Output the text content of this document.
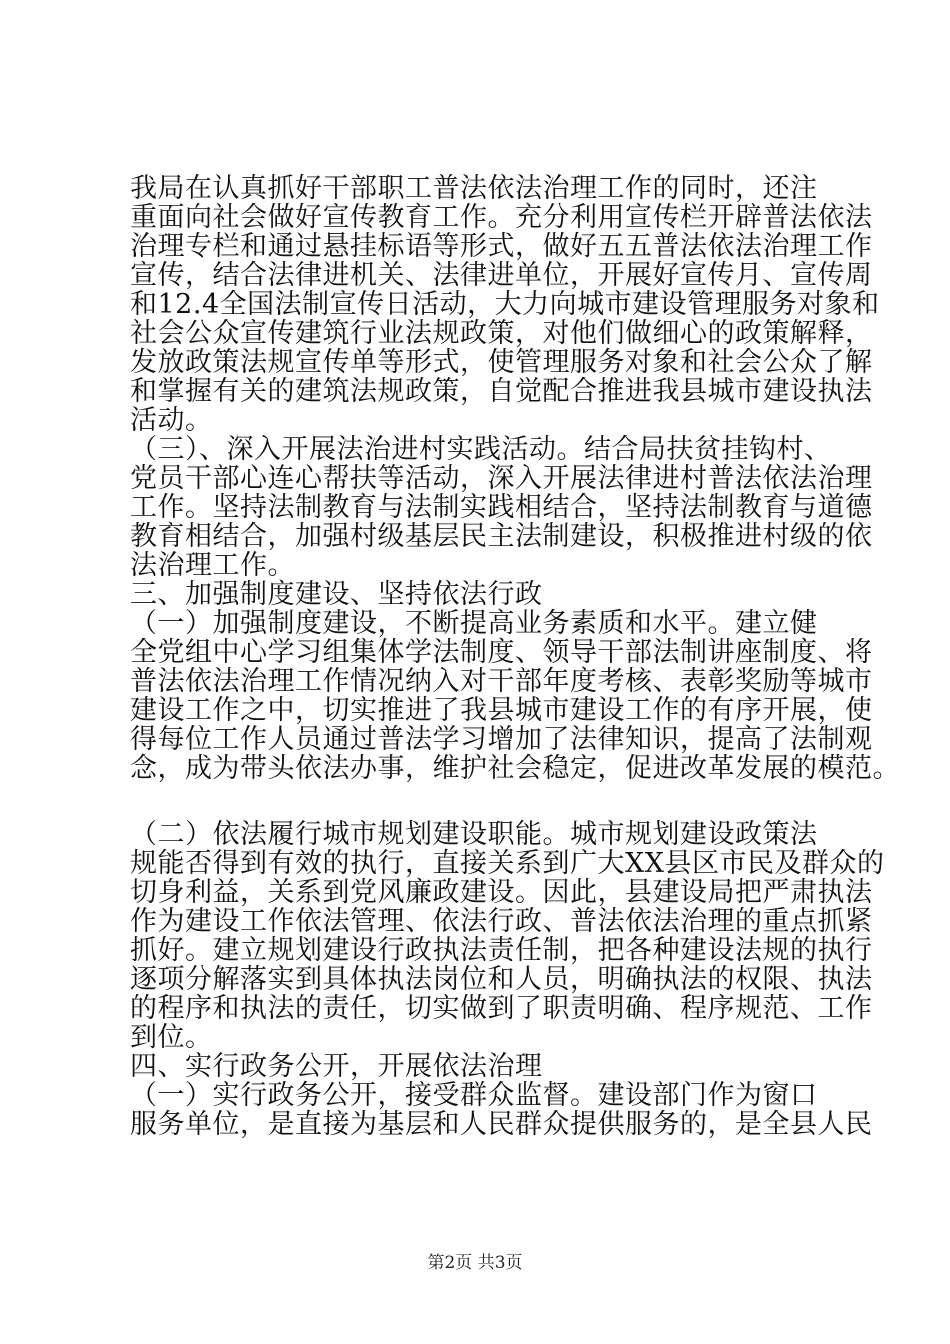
我局在认真抓好干部职工普法依法治理工作的同时，还注
重面向社会做好宣传教育工作。充分利用宣传栏开辟普法依法
治理专栏和通过悬挂标语等形式，做好五五普法依法治理工作
宣传，结合法律进机关、法律进单位，开展好宣传月、宣传周
和12.4全国法制宣传日活动，大力向城市建设管理服务对象和
社会公众宣传建筑行业法规政策，对他们做细心的政策解释，
发放政策法规宣传单等形式，使管理服务对象和社会公众了解
和掌握有关的建筑法规政策，自觉配合推进我县城市建设执法
活动。
（三）、深入开展法治进村实践活动。结合局扶贫挂钩村、
党员干部心连心帮扶等活动，深入开展法律进村普法依法治理
工作。坚持法制教育与法制实践相结合，坚持法制教育与道德
教育相结合，加强村级基层民主法制建设，积极推进村级的依
法治理工作。
三、加强制度建设、坚持依法行政
（一）加强制度建设，不断提高业务素质和水平。建立健
全党组中心学习组集体学法制度、领导干部法制讲座制度、将
普法依法治理工作情况纳入对干部年度考核、表彰奖励等城市
建设工作之中，切实推进了我县城市建设工作的有序开展，使
得每位工作人员通过普法学习增加了法律知识，提高了法制观
念，成为带头依法办事，维护社会稳定，促进改革发展的模范。
（二）依法履行城市规划建设职能。城市规划建设政策法
规能否得到有效的执行，直接关系到广大XX县区市民及群众的
切身利益，关系到党风廉政建设。因此，县建设局把严肃执法
作为建设工作依法管理、依法行政、普法依法治理的重点抓紧
抓好。建立规划建设行政执法责任制，把各种建设法规的执行
逐项分解落实到具体执法岗位和人员，明确执法的权限、执法
的程序和执法的责任，切实做到了职责明确、程序规范、工作
到位。
四、实行政务公开，开展依法治理
（一）实行政务公开，接受群众监督。建设部门作为窗口
服务单位，是直接为基层和人民群众提供服务的，是全县人民
第2页 共3页
